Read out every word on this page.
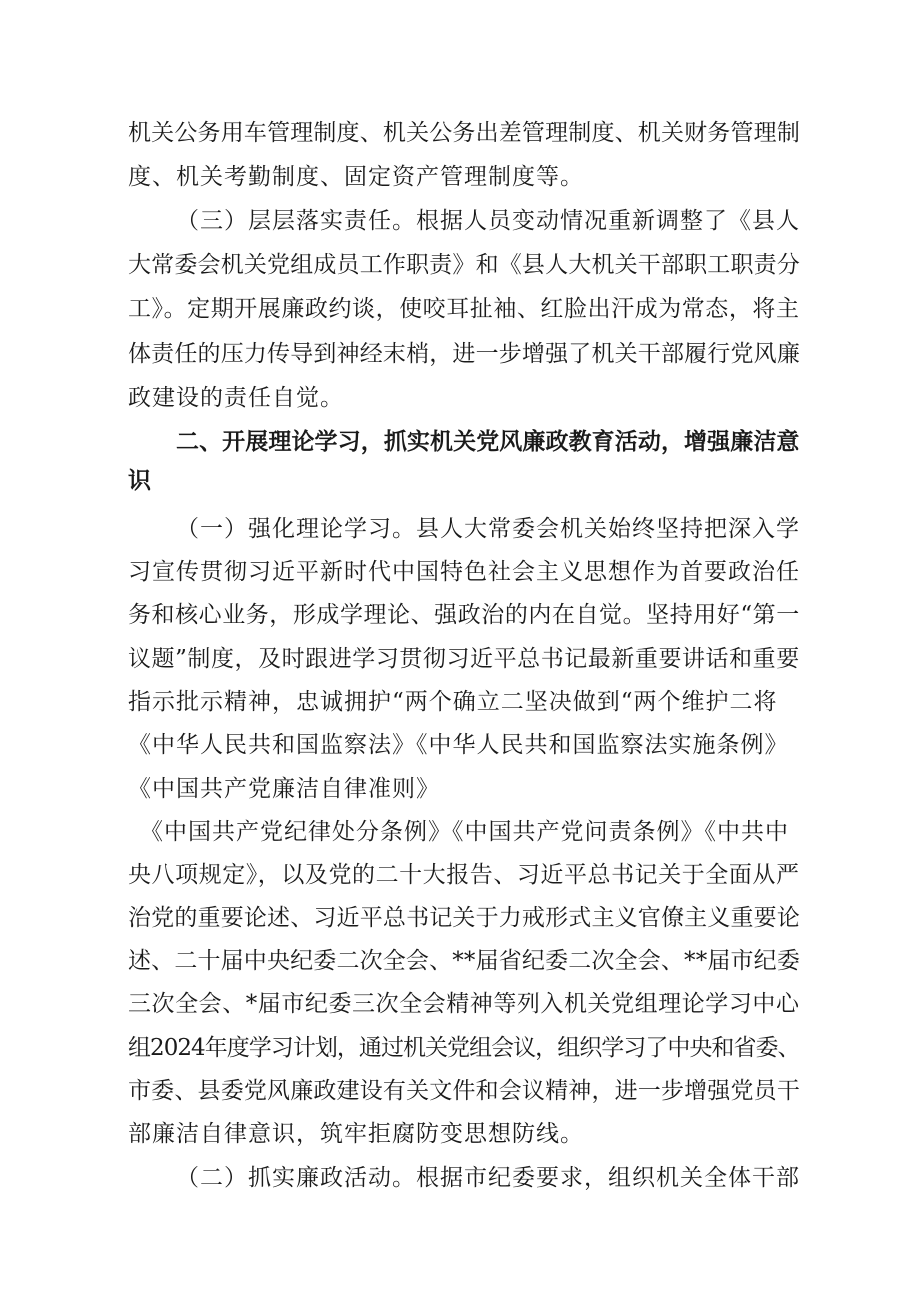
机关公务用车管理制度、机关公务出差管理制度、机关财务管理制
度、机关考勤制度、固定资产管理制度等。
（三）层层落实责任。根据人员变动情况重新调整了《县人
大常委会机关党组成员工作职责》和《县人大机关干部职工职责分
工》。定期开展廉政约谈，使咬耳扯袖、红脸出汗成为常态，将主
体责任的压力传导到神经末梢，进一步增强了机关干部履行党风廉
政建设的责任自觉。
二、开展理论学习，抓实机关党风廉政教育活动，增强廉洁意
识
（一）强化理论学习。县人大常委会机关始终坚持把深入学
习宣传贯彻习近平新时代中国特色社会主义思想作为首要政治任
务和核心业务，形成学理论、强政治的内在自觉。坚持用好“第一
议题”制度，及时跟进学习贯彻习近平总书记最新重要讲话和重要
指示批示精神，忠诚拥护“两个确立二坚决做到“两个维护二将
《中华人民共和国监察法》《中华人民共和国监察法实施条例》
《中国共产党廉洁自律准则》
《中国共产党纪律处分条例》《中国共产党问责条例》《中共中
央八项规定》，以及党的二十大报告、习近平总书记关于全面从严
治党的重要论述、习近平总书记关于力戒形式主义官僚主义重要论
述、二十届中央纪委二次全会、**届省纪委二次全会、**届市纪委
三次全会、*届市纪委三次全会精神等列入机关党组理论学习中心
组2024年度学习计划，通过机关党组会议，组织学习了中央和省委、
市委、县委党风廉政建设有关文件和会议精神，进一步增强党员干
部廉洁自律意识，筑牢拒腐防变思想防线。
（二）抓实廉政活动。根据市纪委要求，组织机关全体干部
